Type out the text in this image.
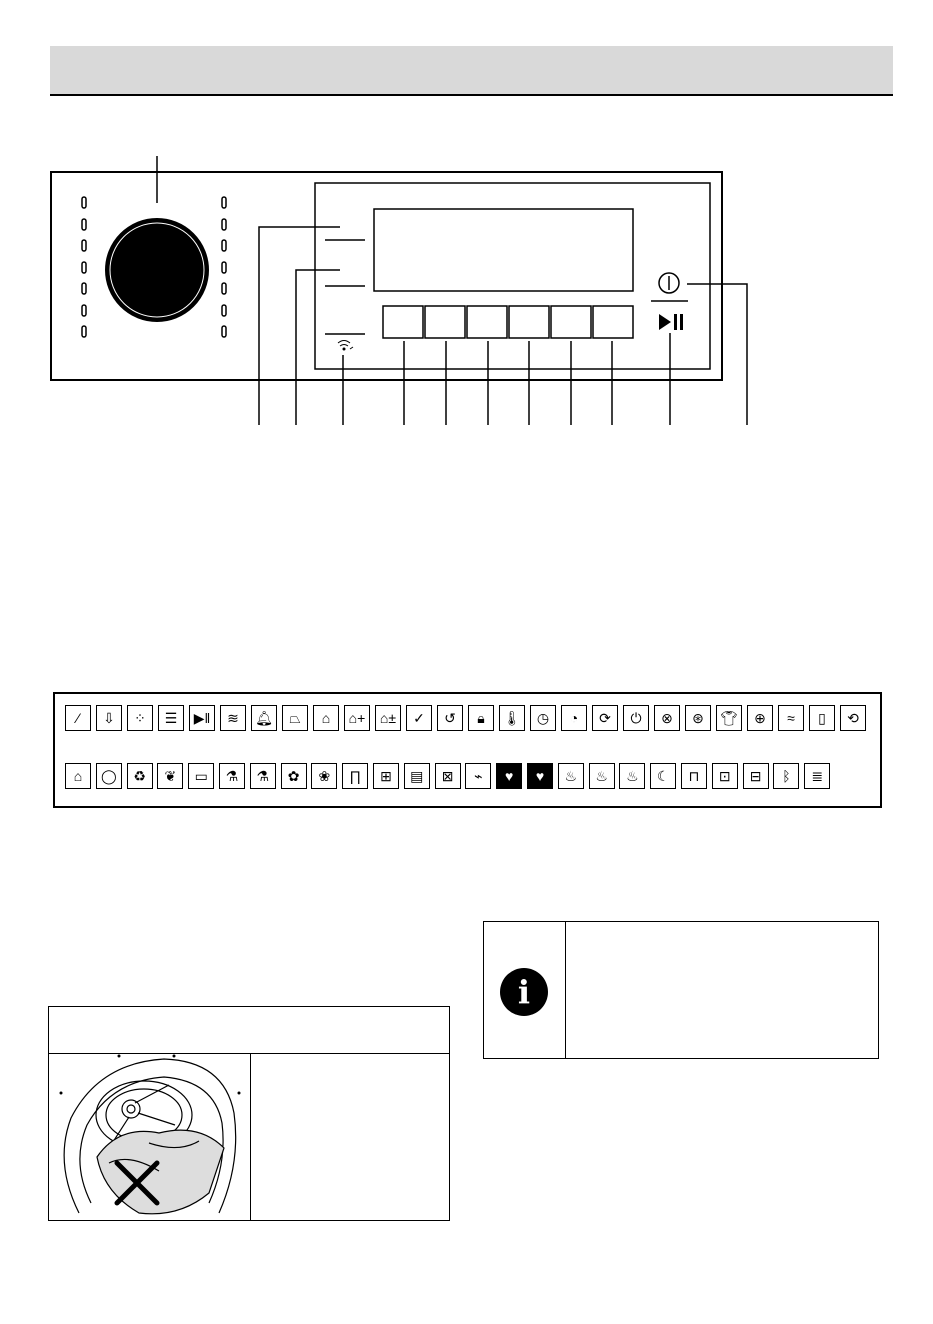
⁄	⇩	⁘	☰	▶‖	≋	🔔︎	⏢	⌂	⌂+	⌂±	✓	↺	🔒︎	🌡︎	◷	◔	⟳	⏻	⊗	⊛	👕︎	⊕	≈	▯	⟲
⌂	◯	♻︎	❦	▭	⚗︎	⚗︎	✿	❀	∏	⊞	▤	⊠	⌁	♥︎	♥︎	♨︎	♨︎	♨︎	☾	⊓	⊡	⊟	ᛒ	≣
i
